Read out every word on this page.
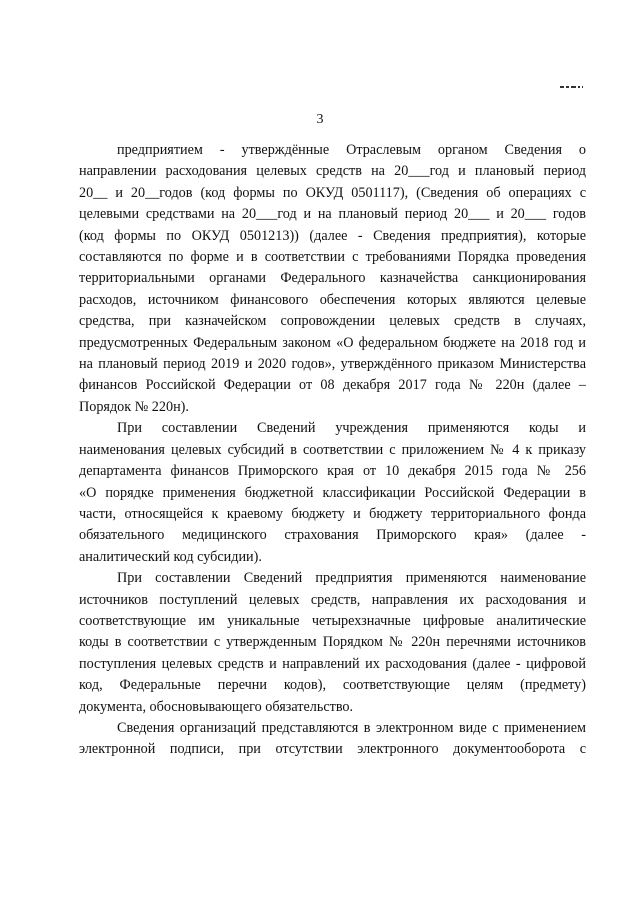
3
предприятием - утверждённые Отраслевым органом Сведения о
направлении расходования целевых средств на 20___год и плановый период
20__ и 20__годов (код формы по ОКУД 0501117), (Сведения об операциях с
целевыми средствами на 20___год и на плановый период 20___ и 20___ годов
(код формы по ОКУД 0501213)) (далее - Сведения предприятия), которые
составляются по форме и в соответствии с требованиями Порядка проведения
территориальными органами Федерального казначейства санкционирования
расходов, источником финансового обеспечения которых являются целевые
средства, при казначейском сопровождении целевых средств в случаях,
предусмотренных Федеральным законом «О федеральном бюджете на 2018 год и
на плановый период 2019 и 2020 годов», утверждённого приказом Министерства
финансов Российской Федерации от 08 декабря 2017 года № 220н (далее –
Порядок № 220н).
При составлении Сведений учреждения применяются коды и
наименования целевых субсидий в соответствии с приложением № 4 к приказу
департамента финансов Приморского края от 10 декабря 2015 года № 256
«О порядке применения бюджетной классификации Российской Федерации в
части, относящейся к краевому бюджету и бюджету территориального фонда
обязательного медицинского страхования Приморского края» (далее -
аналитический код субсидии).
При составлении Сведений предприятия применяются наименование
источников поступлений целевых средств, направления их расходования и
соответствующие им уникальные четырехзначные цифровые аналитические
коды в соответствии с утвержденным Порядком № 220н перечнями источников
поступления целевых средств и направлений их расходования (далее - цифровой
код, Федеральные перечни кодов), соответствующие целям (предмету)
документа, обосновывающего обязательство.
Сведения организаций представляются в электронном виде с применением
электронной подписи, при отсутствии электронного документооборота с
